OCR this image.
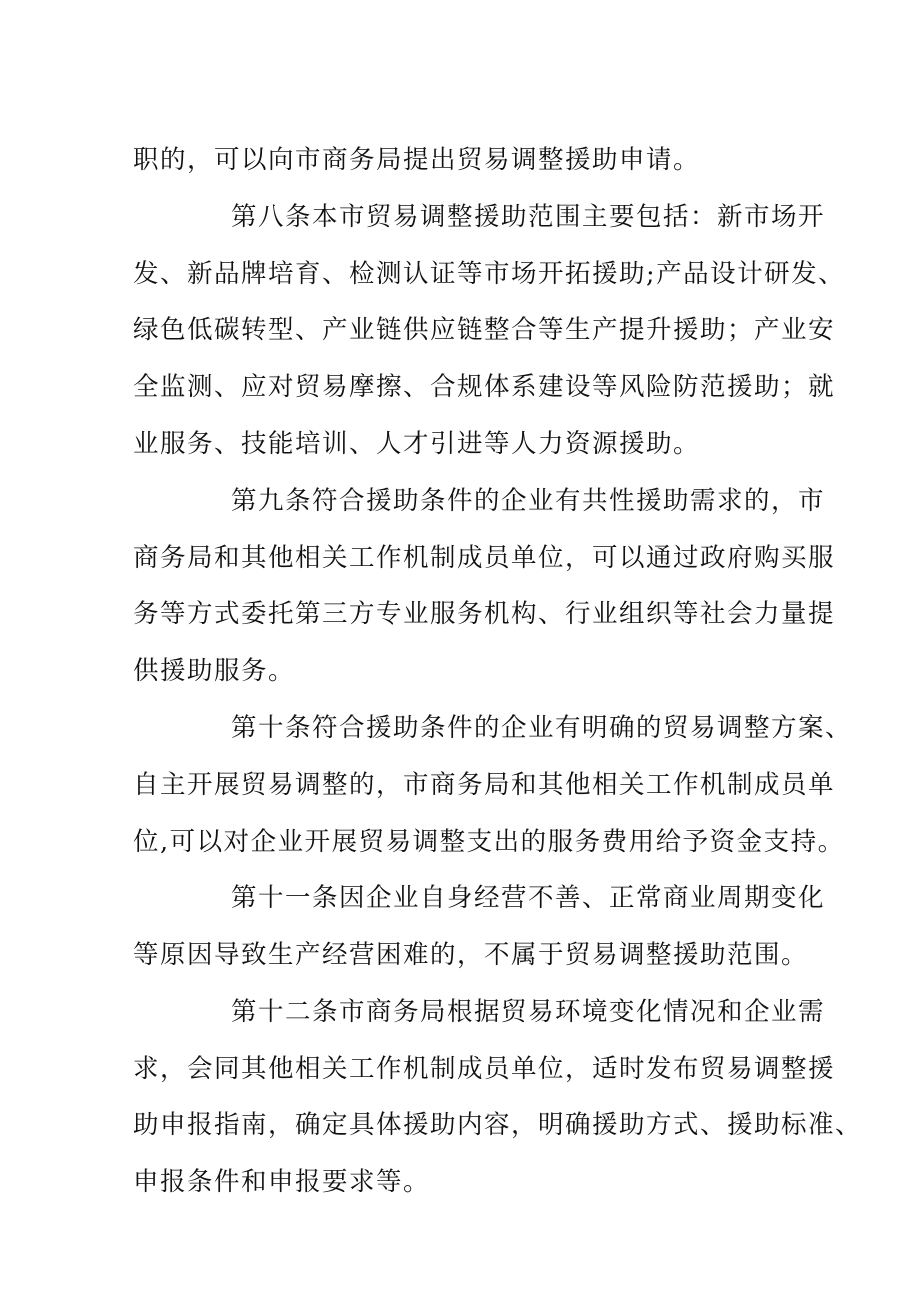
职的，可以向市商务局提出贸易调整援助申请。
第八条本市贸易调整援助范围主要包括：新市场开
发、新品牌培育、检测认证等市场开拓援助;产品设计研发、
绿色低碳转型、产业链供应链整合等生产提升援助；产业安
全监测、应对贸易摩擦、合规体系建设等风险防范援助；就
业服务、技能培训、人才引进等人力资源援助。
第九条符合援助条件的企业有共性援助需求的，市
商务局和其他相关工作机制成员单位，可以通过政府购买服
务等方式委托第三方专业服务机构、行业组织等社会力量提
供援助服务。
第十条符合援助条件的企业有明确的贸易调整方案、
自主开展贸易调整的，市商务局和其他相关工作机制成员单
位,可以对企业开展贸易调整支出的服务费用给予资金支持。
第十一条因企业自身经营不善、正常商业周期变化
等原因导致生产经营困难的，不属于贸易调整援助范围。
第十二条市商务局根据贸易环境变化情况和企业需
求，会同其他相关工作机制成员单位，适时发布贸易调整援
助申报指南，确定具体援助内容，明确援助方式、援助标准、
申报条件和申报要求等。
